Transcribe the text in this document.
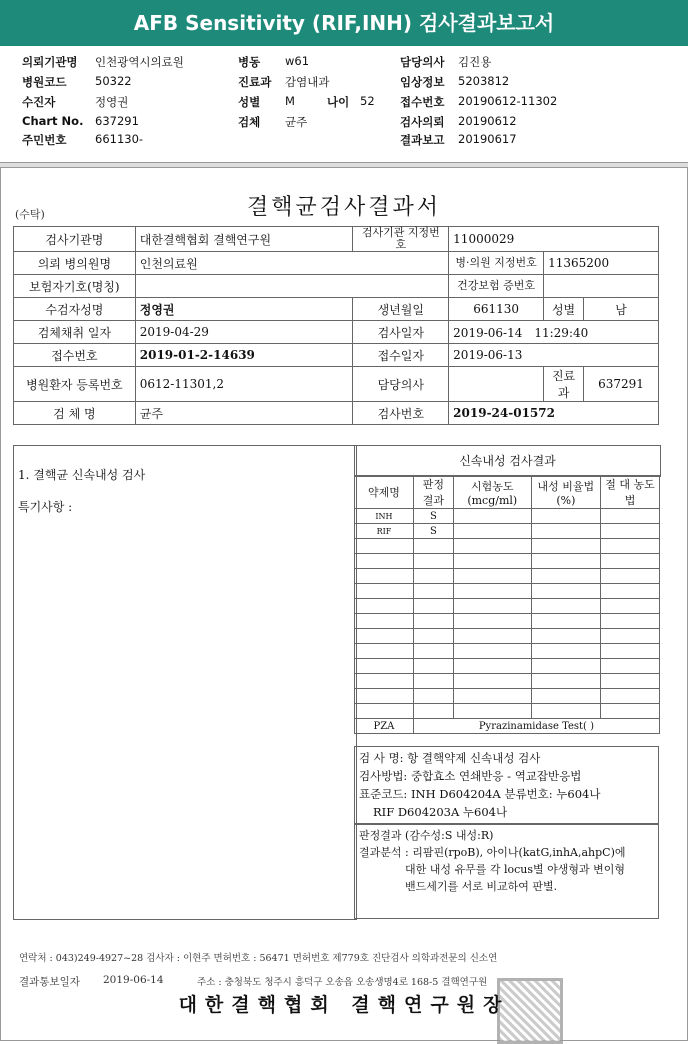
AFB Sensitivity (RIF,INH) 검사결과보고서
의뢰기관명 인천광역시의료원	병동 w61	담당의사 김진용
병원코드 50322	진료과 감염내과	임상정보 5203812
수진자	정영권	성별 M	나이 52 접수번호 20190612-11302
Chart No. 637291	검체 균주	검사의뢰 20190612
주민번호 661130-	결과보고 20190617
(수탁)	결핵균검사결과서
검사기관명	대한결핵협회 결핵연구원	검사기관 지정번호	11000029		
의뢰 병의원명	인천의료원		병·의원 지정번호	11365200	
보험자기호(명칭)			건강보험 증번호		
수검자성명	정영권	생년월일	661130	성별	남
검체채취 일자	2019-04-29	검사일자	2019-06-14　11:29:40		
접수번호	2019-01-2-14639	접수일자	2019-06-13		
병원환자 등록번호	0612-11301,2	담당의사		진료과	637291
검 체 명	균주	검사번호	2019-24-01572		
1. 결핵균 신속내성 검사
특기사항 :
신속내성 검사결과
약제명	판정 결과	시험농도 (mcg/ml)	내성 비율법(%)	절 대 농도법
INH	S			
RIF	S			

PZA	Pyrazinamidase Test( )			
검 사 명: 항 결핵약제 신속내성 검사
검사방법: 중합효소 연쇄반응 - 역교잡반응법
표준코드: INH D604204A 분류번호: 누604나
RIF D604203A 누604나
판정결과 (감수성:S 내성:R)
결과분석 : 리팜핀(rpoB), 아이나(katG,inhA,ahpC)에
대한 내성 유무를 각 locus별 야생형과 변이형
밴드세기를 서로 비교하여 판별.
연락처 : 043)249-4927~28 검사자 : 이현주 면허번호 : 56471 면허번호 제779호 진단검사 의학과전문의 신소연
결과통보일자 2019-06-14	주소 : 충청북도 청주시 흥덕구 오송읍 오송생명4로 168-5 결핵연구원
대한결핵협회 결핵연구원장
